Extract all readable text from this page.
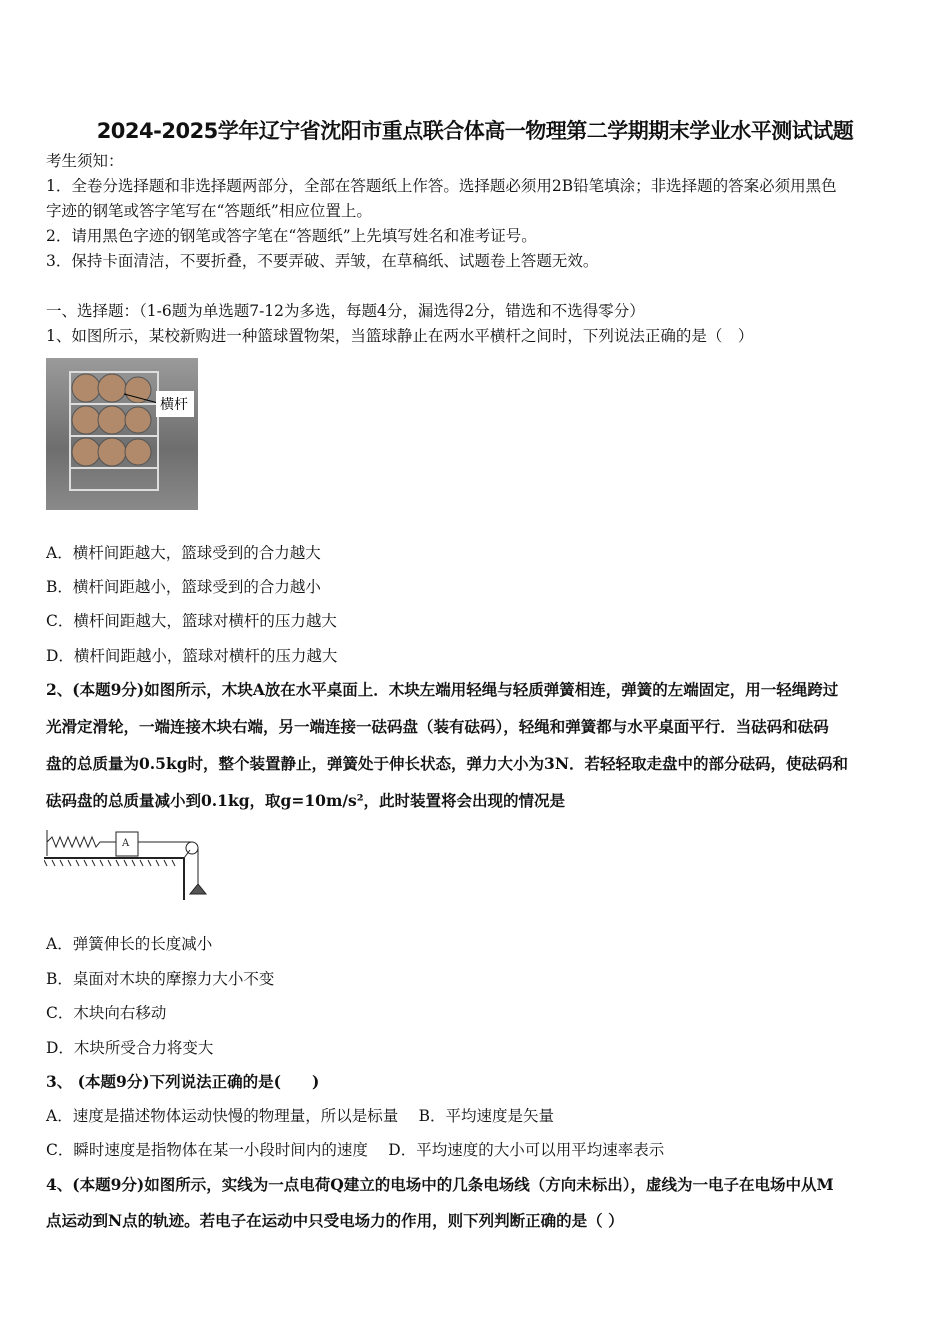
2024-2025学年辽宁省沈阳市重点联合体高一物理第二学期期末学业水平测试试题
考生须知：
1．全卷分选择题和非选择题两部分，全部在答题纸上作答。选择题必须用2B铅笔填涂；非选择题的答案必须用黑色
字迹的钢笔或答字笔写在“答题纸”相应位置上。
2．请用黑色字迹的钢笔或答字笔在“答题纸”上先填写姓名和准考证号。
3．保持卡面清洁，不要折叠，不要弄破、弄皱，在草稿纸、试题卷上答题无效。
一、选择题：（1-6题为单选题7-12为多选，每题4分，漏选得2分，错选和不选得零分）
1、如图所示，某校新购进一种篮球置物架，当篮球静止在两水平横杆之间时，下列说法正确的是（　）
横杆
A．横杆间距越大，篮球受到的合力越大
B．横杆间距越小，篮球受到的合力越小
C．横杆间距越大，篮球对横杆的压力越大
D．横杆间距越小，篮球对横杆的压力越大
2、(本题9分)如图所示，木块A放在水平桌面上．木块左端用轻绳与轻质弹簧相连，弹簧的左端固定，用一轻绳跨过
光滑定滑轮，一端连接木块右端，另一端连接一砝码盘（装有砝码），轻绳和弹簧都与水平桌面平行．当砝码和砝码
盘的总质量为0.5kg时，整个装置静止，弹簧处于伸长状态，弹力大小为3N．若轻轻取走盘中的部分砝码，使砝码和
砝码盘的总质量减小到0.1kg，取g=10m/s²，此时装置将会出现的情况是
A
A．弹簧伸长的长度减小
B．桌面对木块的摩擦力大小不变
C．木块向右移动
D．木块所受合力将变大
3、 (本题9分)下列说法正确的是(　　)
A．速度是描述物体运动快慢的物理量，所以是标量　 B．平均速度是矢量
C．瞬时速度是指物体在某一小段时间内的速度　 D．平均速度的大小可以用平均速率表示
4、(本题9分)如图所示，实线为一点电荷Q建立的电场中的几条电场线（方向未标出），虚线为一电子在电场中从M
点运动到N点的轨迹。若电子在运动中只受电场力的作用，则下列判断正确的是（ ）
